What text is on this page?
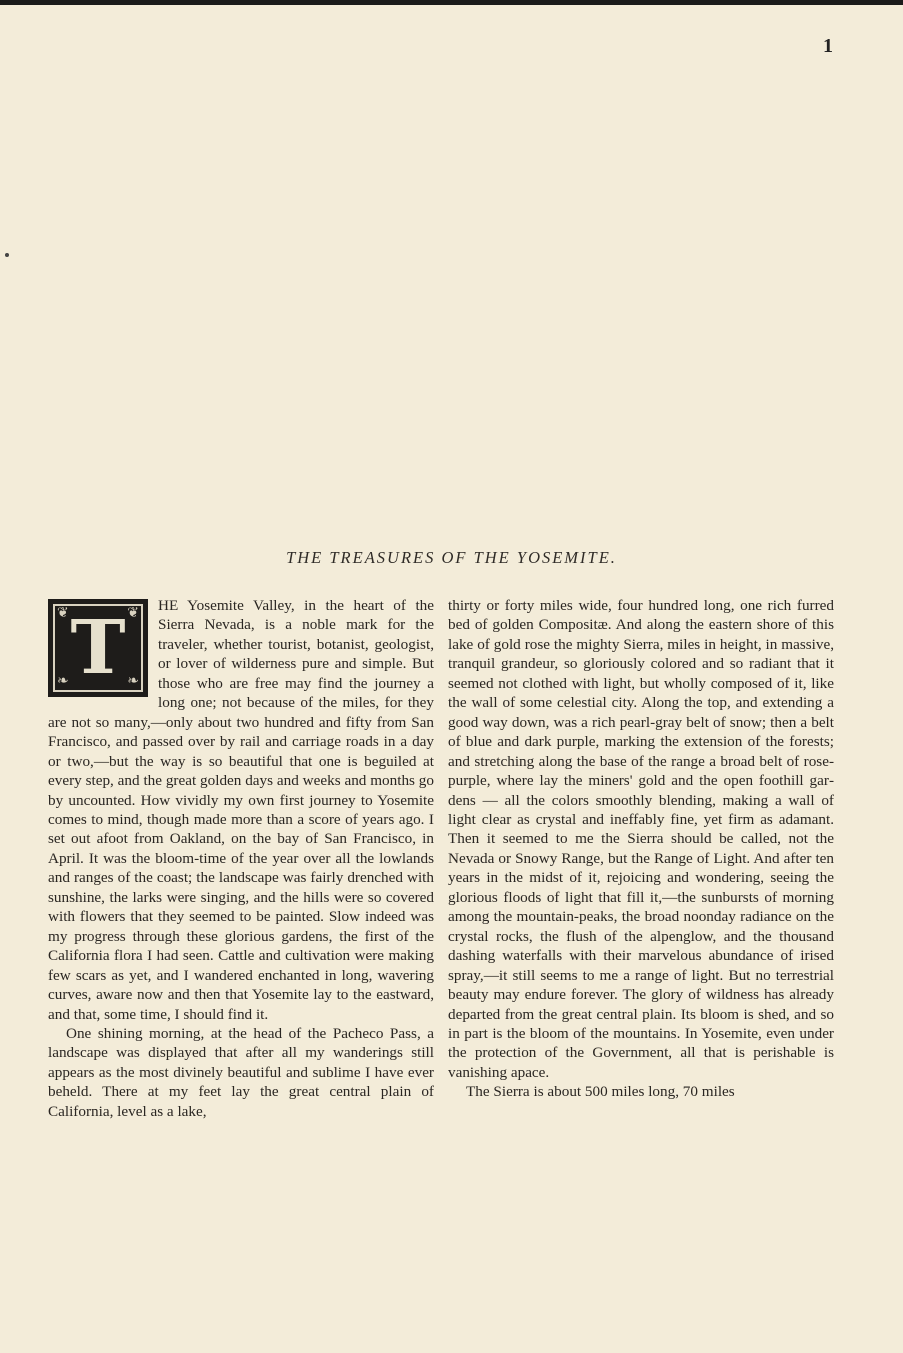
1
THE TREASURES OF THE YOSEMITE.

❦	❦
❧	❧
T HE Yosemite Valley, in the heart of the Sierra Nevada, is a noble mark for the traveler, whether tourist, botanist, geologist, or lover of wilderness pure and simple. But those who are free may find the journey a long one; not because of the miles, for they are not so many,—only about two hundred and fifty from San Francisco, and passed over by rail and carriage roads in a day or two,—but the way is so beautiful that one is beguiled at every step, and the great golden days and weeks and months go by uncounted. How vividly my own first journey to Yosemite comes to mind, though made more than a score of years ago. I set out afoot from Oakland, on the bay of San Francisco, in April. It was the bloom-time of the year over all the lowlands and ranges of the coast; the landscape was fairly drenched with sunshine, the larks were singing, and the hills were so covered with flowers that they seemed to be painted. Slow indeed was my progress through these glorious gardens, the first of the California flora I had seen. Cattle and cultivation were making few scars as yet, and I wandered enchanted in long, wavering curves, aware now and then that Yosemite lay to the eastward, and that, some time, I should find it.

One shining morning, at the head of the Pacheco Pass, a landscape was displayed that after all my wanderings still appears as the most divinely beautiful and sublime I have ever beheld. There at my feet lay the great central plain of California, level as a lake,

thirty or forty miles wide, four hundred long, one rich furred bed of golden Compositæ. And along the eastern shore of this lake of gold rose the mighty Sierra, miles in height, in massive, tranquil grandeur, so gloriously colored and so radiant that it seemed not clothed with light, but wholly composed of it, like the wall of some celestial city. Along the top, and extending a good way down, was a rich pearl-gray belt of snow; then a belt of blue and dark purple, marking the extension of the forests; and stretching along the base of the range a broad belt of rose-purple, where lay the miners' gold and the open foothill gardens — all the colors smoothly blending, making a wall of light clear as crystal and ineffably fine, yet firm as adamant. Then it seemed to me the Sierra should be called, not the Nevada or Snowy Range, but the Range of Light. And after ten years in the midst of it, rejoicing and wondering, seeing the glorious floods of light that fill it,—the sunbursts of morning among the mountain-peaks, the broad noonday radiance on the crystal rocks, the flush of the alpenglow, and the thousand dashing waterfalls with their marvelous abundance of irised spray,—it still seems to me a range of light. But no terrestrial beauty may endure forever. The glory of wildness has already departed from the great central plain. Its bloom is shed, and so in part is the bloom of the mountains. In Yosemite, even under the protection of the Government, all that is perishable is vanishing apace.

The Sierra is about 500 miles long, 70 miles
